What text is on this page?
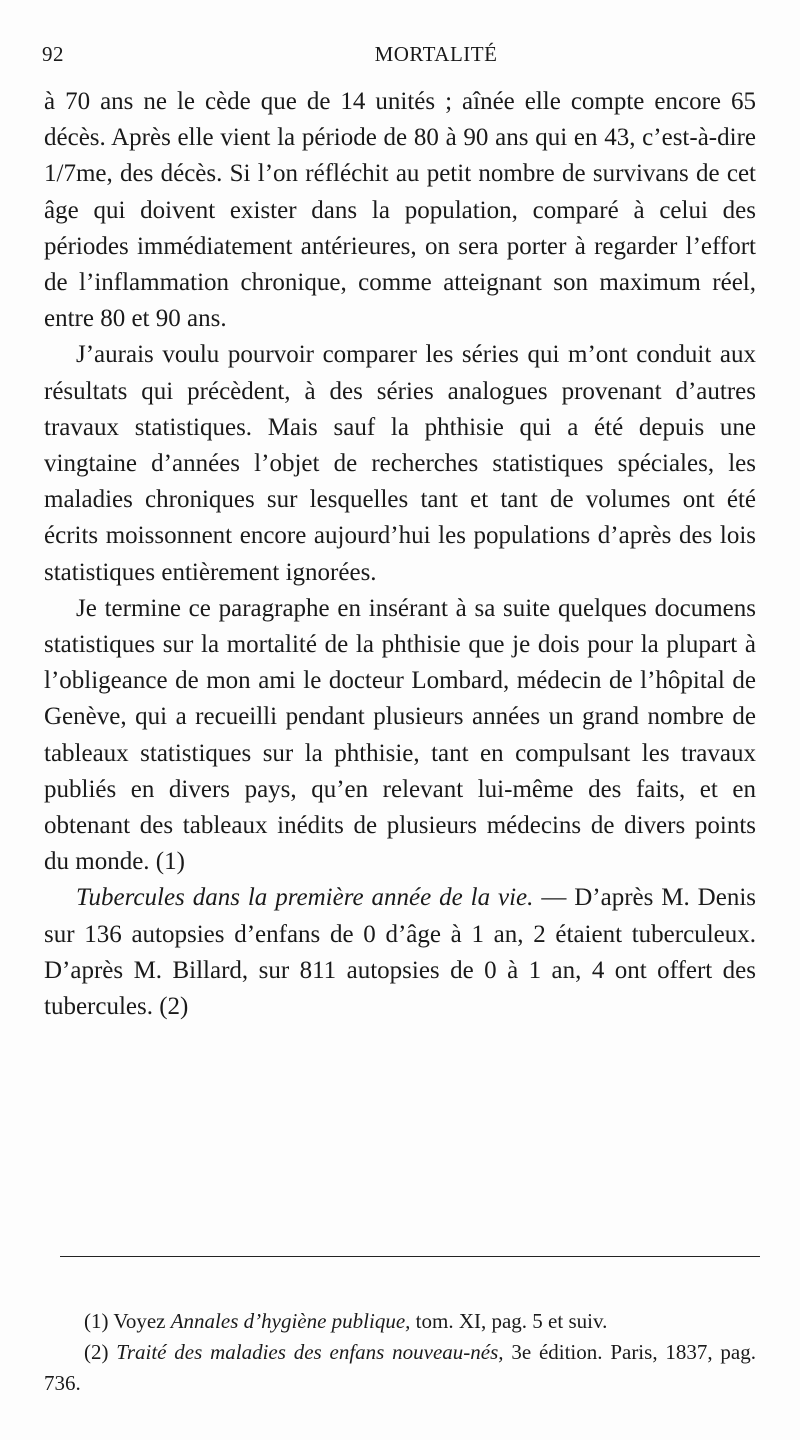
92	MORTALITÉ

à 70 ans ne le cède que de 14 unités ; aînée elle compte encore 65 décès. Après elle vient la période de 80 à 90 ans qui en 43, c’est-à-dire 1/7me, des décès. Si l’on réfléchit au petit nombre de survivans de cet âge qui doivent exister dans la population, comparé à celui des périodes immédiatement antérieures, on sera porter à regarder l’effort de l’inflammation chronique, comme atteignant son maximum réel, entre 80 et 90 ans.

J’aurais voulu pourvoir comparer les séries qui m’ont conduit aux résultats qui précèdent, à des séries analogues provenant d’autres travaux statistiques. Mais sauf la phthisie qui a été depuis une vingtaine d’années l’objet de recherches statistiques spéciales, les maladies chroniques sur lesquelles tant et tant de volumes ont été écrits moissonnent encore aujourd’hui les populations d’après des lois statistiques entièrement ignorées.

Je termine ce paragraphe en insérant à sa suite quelques documens statistiques sur la mortalité de la phthisie que je dois pour la plupart à l’obligeance de mon ami le docteur Lombard, médecin de l’hôpital de Genève, qui a recueilli pendant plusieurs années un grand nombre de tableaux statistiques sur la phthisie, tant en compulsant les travaux publiés en divers pays, qu’en relevant lui-même des faits, et en obtenant des tableaux inédits de plusieurs médecins de divers points du monde. (1)

Tubercules dans la première année de la vie. — D’après M. Denis sur 136 autopsies d’enfans de 0 d’âge à 1 an, 2 étaient tuberculeux. D’après M. Billard, sur 811 autopsies de 0 à 1 an, 4 ont offert des tubercules. (2)

(1) Voyez Annales d’hygiène publique, tom. XI, pag. 5 et suiv.

(2) Traité des maladies des enfans nouveau-nés, 3e édition. Paris, 1837, pag. 736.
